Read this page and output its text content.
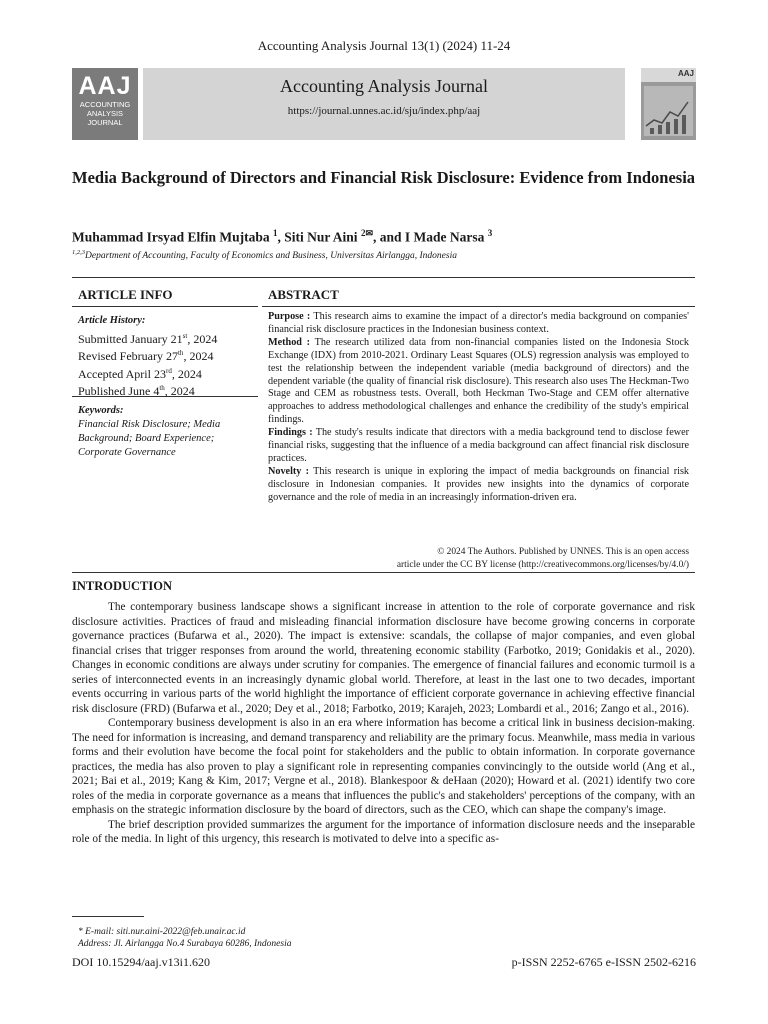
Accounting Analysis Journal 13(1) (2024) 11-24
AAJ
ACCOUNTING
ANALYSIS
JOURNAL
Accounting Analysis Journal
https://journal.unnes.ac.id/sju/index.php/aaj
AAJ
Media Background of Directors and Financial Risk Disclosure: Evidence from Indonesia
Muhammad Irsyad Elfin Mujtaba $^1$, Siti Nur Aini $^{2✉}$, and I Made Narsa $^3$
$^{1,2,3}$Department of Accounting, Faculty of Economics and Business, Universitas Airlangga, Indonesia
ARTICLE INFO	ABSTRACT
Article History:
Submitted January 21st, 2024
Revised February 27th, 2024
Accepted April 23rd, 2024
Published June 4th, 2024
Keywords:
Financial Risk Disclosure; Media Background; Board Experience; Corporate Governance

Purpose : This research aims to examine the impact of a director's media background on companies' financial risk disclosure practices in the Indonesian business context.

Method : The research utilized data from non-financial companies listed on the Indonesia Stock Exchange (IDX) from 2010-2021. Ordinary Least Squares (OLS) regression analysis was employed to test the relationship between the independent variable (media background of directors) and the dependent variable (the quality of financial risk disclosure). This research also uses The Heckman-Two Stage and CEM as robustness tests. Overall, both Heckman Two-Stage and CEM offer alternative approaches to address methodological challenges and enhance the credibility of the study's empirical findings.

Findings : The study's results indicate that directors with a media background tend to disclose fewer financial risks, suggesting that the influence of a media background can affect financial risk disclosure practices.

Novelty : This research is unique in exploring the impact of media backgrounds on financial risk disclosure in Indonesian companies. It provides new insights into the dynamics of corporate governance and the role of media in an increasingly information-driven era.

© 2024 The Authors. Published by UNNES. This is an open access
article under the CC BY license (http://creativecommons.org/licenses/by/4.0/)
INTRODUCTION

The contemporary business landscape shows a significant increase in attention to the role of corporate governance and risk disclosure activities. Practices of fraud and misleading financial information disclosure have become growing concerns in corporate governance practices (Bufarwa et al., 2020). The impact is extensive: scandals, the collapse of major companies, and even global financial crises that trigger responses from around the world, threatening economic stability (Farbotko, 2019; Gonidakis et al., 2020). Changes in economic conditions are always under scrutiny for companies. The emergence of financial failures and economic turmoil is a series of interconnected events in an increasingly dynamic global world. Therefore, at least in the last one to two decades, important events occurring in various parts of the world highlight the importance of efficient corporate governance in achieving effective financial risk disclosure (FRD) (Bufarwa et al., 2020; Dey et al., 2018; Farbotko, 2019; Karajeh, 2023; Lombardi et al., 2016; Zango et al., 2016).

Contemporary business development is also in an era where information has become a critical link in business decision-making. The need for information is increasing, and demand transparency and reliability are the primary focus. Meanwhile, mass media in various forms and their evolution have become the focal point for stakeholders and the public to obtain information. In corporate governance practices, the media has also proven to play a significant role in representing companies convincingly to the outside world (Ang et al., 2021; Bai et al., 2019; Kang & Kim, 2017; Vergne et al., 2018). Blankespoor & deHaan (2020); Howard et al. (2021) identify two core roles of the media in corporate governance as a means that influences the public's and stakeholders' perceptions of the company, with an emphasis on the strategic information disclosure by the board of directors, such as the CEO, which can shape the company's image.

The brief description provided summarizes the argument for the importance of information disclosure needs and the inseparable role of the media. In light of this urgency, this research is motivated to delve into a specific as-

* E-mail: siti.nur.aini-2022@feb.unair.ac.id
Address: Jl. Airlangga No.4 Surabaya 60286, Indonesia
DOI 10.15294/aaj.v13i1.620	p-ISSN 2252-6765 e-ISSN 2502-6216
